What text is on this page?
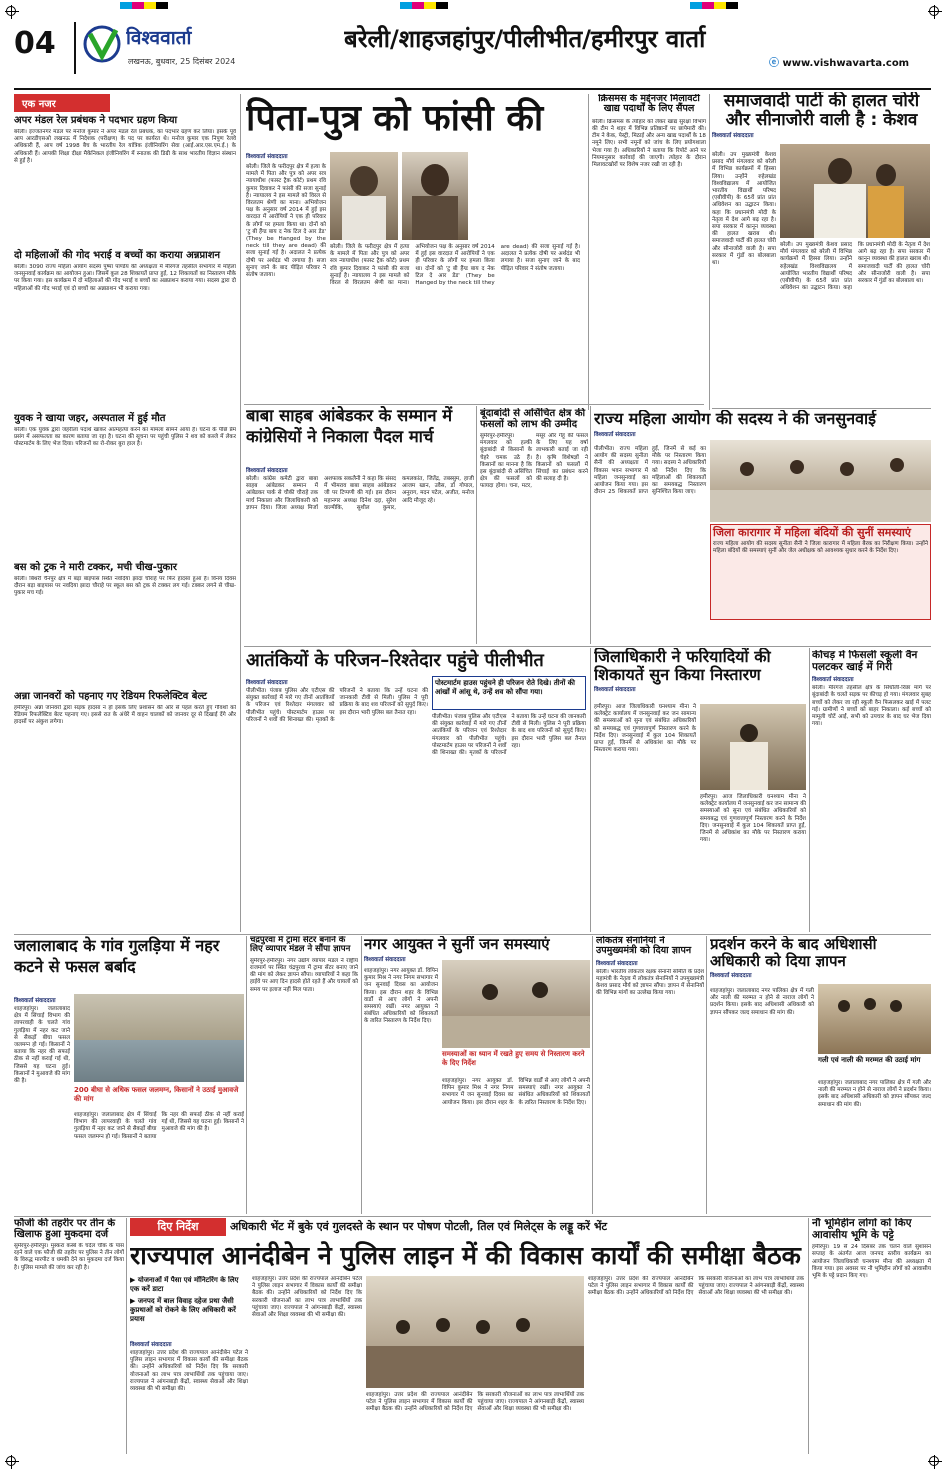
04	विश्ववार्ता
लखनऊ, बुधवार, 25 दिसंबर 2024
बरेली/शाहजहांपुर/पीलीभीत/हमीरपुर वार्ता
ⓔ www.vishwavarta.com
एक नजर
अपर मंडल रेल प्रबंधक ने पदभार ग्रहण किया
बरेली। इज्जतनगर मंडल पर मनोज कुमार ने अपर मंडल रेल प्रबंधक, का पदभार ग्रहण कर लिया। इसके पूर्व आप आरडीएसओ लखनऊ में निदेशक (परीक्षण) के पद पर कार्यरत थे। मनोज कुमार एक निपुण रेलवे अधिकारी हैं, आप वर्ष 1998 बैच के भारतीय रेल यांत्रिक इंजीनियरिंग सेवा (आई.आर.एस.एम.ई.) के अधिकारी हैं। आपकी शिक्षा दीक्षा मैकेनिकल इंजीनियरिंग में स्नातक की डिग्री के साथ भारतीय विज्ञान संस्थान से हुई है।
दो महिलाओं की गोद भराई व बच्चों का कराया अन्नप्राशन
बरेली। 3090 राज्य महिला आयोग सदस्य पुष्पा पाण्डेय की अध्यक्षता में मीरगंज तहसील सभागार में महिला जनसुनवाई कार्यक्रम का आयोजन हुआ। जिसमें कुल 28 शिकायतें प्राप्त हुईं, 12 शिकायतों का निस्तारण मौके पर किया गया। इस कार्यक्रम में दो महिलाओं की गोद भराई व बच्चों का अन्नप्राशन कराया गया। सदस्य द्वारा दो महिलाओं की गोद भराई एवं दो बच्चों का अन्नप्राशन भी कराया गया।
युवक ने खाया जहर, अस्पताल में हुई मौत
बरेली। एक युवक द्वारा जहरीला पदार्थ खाकर आत्महत्या करने का मामला सामने आया है। घटना के पीछे प्रेम प्रसंग में असफलता का कारण बताया जा रहा है। घटना की सूचना पर पहुंची पुलिस ने शव को कब्जे में लेकर पोस्टमार्टम के लिए भेज दिया। परिजनों का रो-रोकर बुरा हाल है।
बस को ट्रक ने मारी टक्कर, मची चीख-पुकार
बरेली। बिथरी चैनपुर क्षेत्र में बड़ा बाइपास स्थित नवदिया झादा चौराहे पर फिर हादसा हुआ है। विनय दिवस दौरान बड़ा बाइपास पर नवदिया झादा चौराहे पर स्कूल बस को ट्रक से टक्कर लग गई। टक्कर लगने से चीख-पुकार मच गई।
अन्ना जानवरों को पहनाए गए रेडियम रिफलेक्टिव बेल्ट
हमीरपुर। अन्ना जानवरों द्वारा सड़क हादसा न हो इसके लिए प्रशासन की ओर से पहल करते हुए गौवंशों को रेडियम रिफलेक्टिव बेल्ट पहनाए गए। इससे रात के अंधेरे में वाहन चालकों को जानवर दूर से दिखाई देंगे और हादसों पर अंकुश लगेगा।
पिता-पुत्र को फांसी की
विश्ववार्ता संवाददाता
बरेली। जिले के फरीदपुर क्षेत्र में हत्या के मामले में पिता और पुत्र को अपर सत्र न्यायाधीश (फास्ट ट्रैक कोर्ट) प्रथम रवि कुमार दिवाकर ने फांसी की सजा सुनाई है। न्यायालय ने इस मामले को विरल से विरलतम श्रेणी का माना। अभियोजन पक्ष के अनुसार वर्ष 2014 में हुई इस वारदात में आरोपियों ने एक ही परिवार के लोगों पर हमला किया था। दोनों को 'टु बी हैंग्ड बाय द नेक टिल दे आर डेड' (They be Hanged by the neck till they are dead) की सजा सुनाई गई है। अदालत ने प्रत्येक दोषी पर अर्थदंड भी लगाया है। सजा सुनाए जाने के बाद पीड़ित परिवार ने संतोष जताया।
बरेली। जिले के फरीदपुर क्षेत्र में हत्या के मामले में पिता और पुत्र को अपर सत्र न्यायाधीश (फास्ट ट्रैक कोर्ट) प्रथम रवि कुमार दिवाकर ने फांसी की सजा सुनाई है। न्यायालय ने इस मामले को विरल से विरलतम श्रेणी का माना। अभियोजन पक्ष के अनुसार वर्ष 2014 में हुई इस वारदात में आरोपियों ने एक ही परिवार के लोगों पर हमला किया था। दोनों को 'टु बी हैंग्ड बाय द नेक टिल दे आर डेड' (They be Hanged by the neck till they are dead) की सजा सुनाई गई है। अदालत ने प्रत्येक दोषी पर अर्थदंड भी लगाया है। सजा सुनाए जाने के बाद पीड़ित परिवार ने संतोष जताया।
क्रिसमस के मद्देनजर मिलावटी खाद्य पदार्थों के लिए सैंपल
बरेली। क्रिसमस के त्योहार को लेकर खाद्य सुरक्षा विभाग की टीम ने शहर में विभिन्न प्रतिष्ठानों पर छापेमारी की। टीम ने केक, पेस्ट्री, मिठाई और अन्य खाद्य पदार्थों के 18 नमूने लिए। सभी नमूनों को जांच के लिए प्रयोगशाला भेजा गया है। अधिकारियों ने बताया कि रिपोर्ट आने पर नियमानुसार कार्रवाई की जाएगी। त्योहार के दौरान मिलावटखोरों पर विशेष नजर रखी जा रही है।
समाजवादी पार्टी की हालत चोरी और सीनाजोरी वाली है : केशव
विश्ववार्ता संवाददाता
बरेली। उप मुख्यमंत्री केशव प्रसाद मौर्य मंगलवार को बरेली में विभिन्न कार्यक्रमों में हिस्सा लिया। उन्होंने रुहेलखंड विश्वविद्यालय में आयोजित भारतीय विद्यार्थी परिषद (एबीवीपी) के 65वें प्रांत प्रांत अधिवेशन का उद्घाटन किया। कहा कि प्रधानमंत्री मोदी के नेतृत्व में देश आगे बढ़ रहा है। सपा सरकार में कानून व्यवस्था की हालत खराब थी। समाजवादी पार्टी की हालत चोरी और सीनाजोरी वाली है। सपा सरकार में गुंडों का बोलबाला था।
बरेली। उप मुख्यमंत्री केशव प्रसाद मौर्य मंगलवार को बरेली में विभिन्न कार्यक्रमों में हिस्सा लिया। उन्होंने रुहेलखंड विश्वविद्यालय में आयोजित भारतीय विद्यार्थी परिषद (एबीवीपी) के 65वें प्रांत प्रांत अधिवेशन का उद्घाटन किया। कहा कि प्रधानमंत्री मोदी के नेतृत्व में देश आगे बढ़ रहा है। सपा सरकार में कानून व्यवस्था की हालत खराब थी। समाजवादी पार्टी की हालत चोरी और सीनाजोरी वाली है। सपा सरकार में गुंडों का बोलबाला था।
बाबा साहब आंबेडकर के सम्मान में कांग्रेसियों ने निकाला पैदल मार्च
विश्ववार्ता संवाददाता
बरेली। कांग्रेस कमेटी द्वारा बाबा साहब आंबेडकर सम्मान में आंबेडकर पार्क से चौकी चौराहे तक मार्च निकाला और जिलाधिकारी को ज्ञापन दिया। जिला अध्यक्ष मिर्जा अशफाक सकलैनी ने कहा कि संसद में भीमराव बाबा साहब आंबेडकर जी पर टिप्पणी की गई। इस दौरान महानगर अध्यक्ष दिनेश दद्दा, सुरेश वाल्मीकि, सुशील कुमार, कमलकांत, जितेंद्र, तबस्सुम, हाजी आजम खान, उवैस, डॉ गोपाल, अनुराग, मदन पटेल, अजीत, मनोज आदि मौजूद रहे।
बूंदाबांदी से असिंचित क्षेत्र की फसलों को लाभ की उम्मीद
सुमेरपुर-हमीरपुर। मंगलवार को हल्की बूंदाबांदी से किसानों के चेहरे चमक उठे हैं। किसानों का मानना है कि इस बूंदाबांदी से असिंचित क्षेत्र की फसलों को फायदा होगा। चना, मटर, मसूर और गेहूं की फसल के लिए यह वर्षा लाभकारी बताई जा रही है। कृषि विशेषज्ञों ने किसानों को फसलों में सिंचाई का प्रबंधन करने की सलाह दी है।
राज्य महिला आयोग की सदस्य ने की जनसुनवाई
विश्ववार्ता संवाददाता
पीलीभीत। राज्य महिला आयोग की सदस्य सुनीता सैनी की अध्यक्षता में विकास भवन सभागार में महिला जनसुनवाई का आयोजन किया गया। इस दौरान 25 शिकायतें प्राप्त हुईं, जिनमें से कई का मौके पर निस्तारण किया गया। सदस्य ने अधिकारियों को निर्देश दिए कि महिलाओं की शिकायतों का समयबद्ध निस्तारण सुनिश्चित किया जाए।
जिला कारागार में महिला बंदियों की सुनीं समस्याएं
राज्य महिला आयोग की सदस्य सुनीता सैनी ने जिला कारागार में महिला बैरक का निरीक्षण किया। उन्होंने महिला बंदियों की समस्याएं सुनीं और जेल अधीक्षक को आवश्यक सुधार करने के निर्देश दिए।
आतंकियों के परिजन–रिश्तेदार पहुंचे पीलीभीत
विश्ववार्ता संवाददाता	पोस्टमार्टम हाउस पहुंचने ही परिजन रोते दिखे। तीनों की आंखों में आंसू थे, उन्हें शव को सौंपा गया।
पीलीभीत। पंजाब पुलिस और एटीएस की संयुक्त कार्रवाई में मारे गए तीनों आतंकियों के परिजन एवं रिश्तेदार मंगलवार को पीलीभीत पहुंचे। पोस्टमार्टम हाउस पर परिजनों ने शवों की शिनाख्त की। मृतकों के परिजनों ने बताया कि उन्हें घटना की जानकारी टीवी से मिली। पुलिस ने पूरी प्रक्रिया के बाद शव परिजनों को सुपुर्द किए। इस दौरान भारी पुलिस बल तैनात रहा।
पीलीभीत। पंजाब पुलिस और एटीएस की संयुक्त कार्रवाई में मारे गए तीनों आतंकियों के परिजन एवं रिश्तेदार मंगलवार को पीलीभीत पहुंचे। पोस्टमार्टम हाउस पर परिजनों ने शवों की शिनाख्त की। मृतकों के परिजनों ने बताया कि उन्हें घटना की जानकारी टीवी से मिली। पुलिस ने पूरी प्रक्रिया के बाद शव परिजनों को सुपुर्द किए। इस दौरान भारी पुलिस बल तैनात रहा।
जिलाधिकारी ने फरियादियों की शिकायतें सुन किया निस्तारण
विश्ववार्ता संवाददाता
हमीरपुर। आज जिलाधिकारी घनश्याम मीना ने कलेक्ट्रेट कार्यालय में जनसुनवाई कर जन सामान्य की समस्याओं को सुना एवं संबंधित अधिकारियों को समयबद्ध एवं गुणवत्तापूर्ण निस्तारण करने के निर्देश दिए। जनसुनवाई में कुल 104 शिकायतें प्राप्त हुईं, जिनमें से अधिकांश का मौके पर निस्तारण कराया गया।
हमीरपुर। आज जिलाधिकारी घनश्याम मीना ने कलेक्ट्रेट कार्यालय में जनसुनवाई कर जन सामान्य की समस्याओं को सुना एवं संबंधित अधिकारियों को समयबद्ध एवं गुणवत्तापूर्ण निस्तारण करने के निर्देश दिए। जनसुनवाई में कुल 104 शिकायतें प्राप्त हुईं, जिनमें से अधिकांश का मौके पर निस्तारण कराया गया।
कीचड़ में फिसली स्कूली वैन पलटकर खाई में गिरी
विश्ववार्ता संवाददाता
बरेली। मीरगंज तहसील क्षेत्र के सिधौली-रिछा मार्ग पर बूंदाबांदी के चलते सड़क पर कीचड़ हो गया। मंगलवार सुबह बच्चों को लेकर जा रही स्कूली वैन फिसलकर खाई में पलट गई। ग्रामीणों ने बच्चों को बाहर निकाला। कई बच्चों को मामूली चोटें आईं, सभी को उपचार के बाद घर भेज दिया गया।
जलालाबाद के गांव गुलड़िया में नहर कटने से फसल बर्बाद
विश्ववार्ता संवाददाता
शाहजहांपुर। जलालाबाद क्षेत्र में सिंचाई विभाग की लापरवाही के चलते गांव गुलड़िया में नहर कट जाने से सैकड़ों बीघा फसल जलमग्न हो गई। किसानों ने बताया कि नहर की सफाई ठीक से नहीं कराई गई थी, जिससे यह घटना हुई। किसानों ने मुआवजे की मांग की है।
200 बीघा से अधिक फसल जलमग्न, किसानों ने उठाई मुआवजे की मांग
शाहजहांपुर। जलालाबाद क्षेत्र में सिंचाई विभाग की लापरवाही के चलते गांव गुलड़िया में नहर कट जाने से सैकड़ों बीघा फसल जलमग्न हो गई। किसानों ने बताया कि नहर की सफाई ठीक से नहीं कराई गई थी, जिससे यह घटना हुई। किसानों ने मुआवजे की मांग की है।
चंद्रपुरवा में ट्रामा सेंटर बनाने के लिए व्यापार मंडल ने सौंपा ज्ञापन
सुमेरपुर-हमीरपुर। नगर उद्योग व्यापार मंडल ने राष्ट्रीय राजमार्ग पर स्थित चंद्रपुरवा में ट्रामा सेंटर बनाए जाने की मांग को लेकर ज्ञापन सौंपा। व्यापारियों ने कहा कि हाईवे पर आए दिन हादसे होते रहते हैं और घायलों को समय पर इलाज नहीं मिल पाता।
नगर आयुक्त ने सुनीं जन समस्याएं
विश्ववार्ता संवाददाता
शाहजहांपुर। नगर आयुक्त डॉ. विपिन कुमार मिश्र ने नगर निगम सभागार में जन सुनवाई दिवस का आयोजन किया। इस दौरान शहर के विभिन्न वार्डों से आए लोगों ने अपनी समस्याएं रखीं। नगर आयुक्त ने संबंधित अधिकारियों को शिकायतों के त्वरित निस्तारण के निर्देश दिए।
समस्याओं का ध्यान में रखते हुए समय से निस्तारण करने के दिए निर्देश
शाहजहांपुर। नगर आयुक्त डॉ. विपिन कुमार मिश्र ने नगर निगम सभागार में जन सुनवाई दिवस का आयोजन किया। इस दौरान शहर के विभिन्न वार्डों से आए लोगों ने अपनी समस्याएं रखीं। नगर आयुक्त ने संबंधित अधिकारियों को शिकायतों के त्वरित निस्तारण के निर्देश दिए।
लोकतंत्र सेनानियों ने उपमुख्यमंत्री को दिया ज्ञापन
विश्ववार्ता संवाददाता
बरेली। भारतीय लोकतंत्र रक्षक सेनानी समिति के प्रदेश महामंत्री के नेतृत्व में लोकतंत्र सेनानियों ने उपमुख्यमंत्री केशव प्रसाद मौर्य को ज्ञापन सौंपा। ज्ञापन में सेनानियों की विभिन्न मांगों का उल्लेख किया गया।
प्रदर्शन करने के बाद अधिशासी अधिकारी को दिया ज्ञापन
विश्ववार्ता संवाददाता
शाहजहांपुर। जलालाबाद नगर पालिका क्षेत्र में गली और नाली की मरम्मत न होने से नाराज लोगों ने प्रदर्शन किया। इसके बाद अधिशासी अधिकारी को ज्ञापन सौंपकर जल्द समाधान की मांग की।
गली एवं नाली की मरम्मत की उठाई मांग
शाहजहांपुर। जलालाबाद नगर पालिका क्षेत्र में गली और नाली की मरम्मत न होने से नाराज लोगों ने प्रदर्शन किया। इसके बाद अधिशासी अधिकारी को ज्ञापन सौंपकर जल्द समाधान की मांग की।
फौजी की तहरीर पर तीन के खिलाफ हुआ मुकदमा दर्ज
सुमेरपुर-हमीरपुर। मुस्करा कस्बे के चंदेल चौक के पास रहने वाले एक फौजी की तहरीर पर पुलिस ने तीन लोगों के विरुद्ध मारपीट व धमकी देने का मुकदमा दर्ज किया है। पुलिस मामले की जांच कर रही है।
दिए निर्देश	अधिकारी भेंट में बुके एवं गुलदस्ते के स्थान पर पोषण पोटली, तिल एवं मिलेट्स के लड्डू करें भेंट
राज्यपाल आनंदीबेन ने पुलिस लाइन में की विकास कार्यों की समीक्षा बैठक
▶ योजनाओं में पैसा एवं मॉनिटरिंग के लिए एक करें डाटा
▶ जनपद में बाल विवाह दहेज प्रथा जैसी कुप्रथाओं को रोकने के लिए अधिकारी करें प्रयास
विश्ववार्ता संवाददाता
शाहजहांपुर। उत्तर प्रदेश की राज्यपाल आनंदीबेन पटेल ने पुलिस लाइन सभागार में विकास कार्यों की समीक्षा बैठक की। उन्होंने अधिकारियों को निर्देश दिए कि सरकारी योजनाओं का लाभ पात्र लाभार्थियों तक पहुंचाया जाए। राज्यपाल ने आंगनबाड़ी केंद्रों, स्वास्थ्य सेवाओं और शिक्षा व्यवस्था की भी समीक्षा की।
शाहजहांपुर। उत्तर प्रदेश की राज्यपाल आनंदीबेन पटेल ने पुलिस लाइन सभागार में विकास कार्यों की समीक्षा बैठक की। उन्होंने अधिकारियों को निर्देश दिए कि सरकारी योजनाओं का लाभ पात्र लाभार्थियों तक पहुंचाया जाए। राज्यपाल ने आंगनबाड़ी केंद्रों, स्वास्थ्य सेवाओं और शिक्षा व्यवस्था की भी समीक्षा की।
शाहजहांपुर। उत्तर प्रदेश की राज्यपाल आनंदीबेन पटेल ने पुलिस लाइन सभागार में विकास कार्यों की समीक्षा बैठक की। उन्होंने अधिकारियों को निर्देश दिए कि सरकारी योजनाओं का लाभ पात्र लाभार्थियों तक पहुंचाया जाए। राज्यपाल ने आंगनबाड़ी केंद्रों, स्वास्थ्य सेवाओं और शिक्षा व्यवस्था की भी समीक्षा की।
शाहजहांपुर। उत्तर प्रदेश की राज्यपाल आनंदीबेन पटेल ने पुलिस लाइन सभागार में विकास कार्यों की समीक्षा बैठक की। उन्होंने अधिकारियों को निर्देश दिए कि सरकारी योजनाओं का लाभ पात्र लाभार्थियों तक पहुंचाया जाए। राज्यपाल ने आंगनबाड़ी केंद्रों, स्वास्थ्य सेवाओं और शिक्षा व्यवस्था की भी समीक्षा की।
नौ भूमिहीन लोगों को किए आवासीय भूमि के पट्टे
हमीरपुर। 19 से 24 दिसंबर तक चलने वाले सुशासन सप्ताह के अंतर्गत आज जनपद स्तरीय कार्यक्रम का आयोजन जिलाधिकारी घनश्याम मीना की अध्यक्षता में किया गया। इस अवसर पर नौ भूमिहीन लोगों को आवासीय भूमि के पट्टे प्रदान किए गए।
